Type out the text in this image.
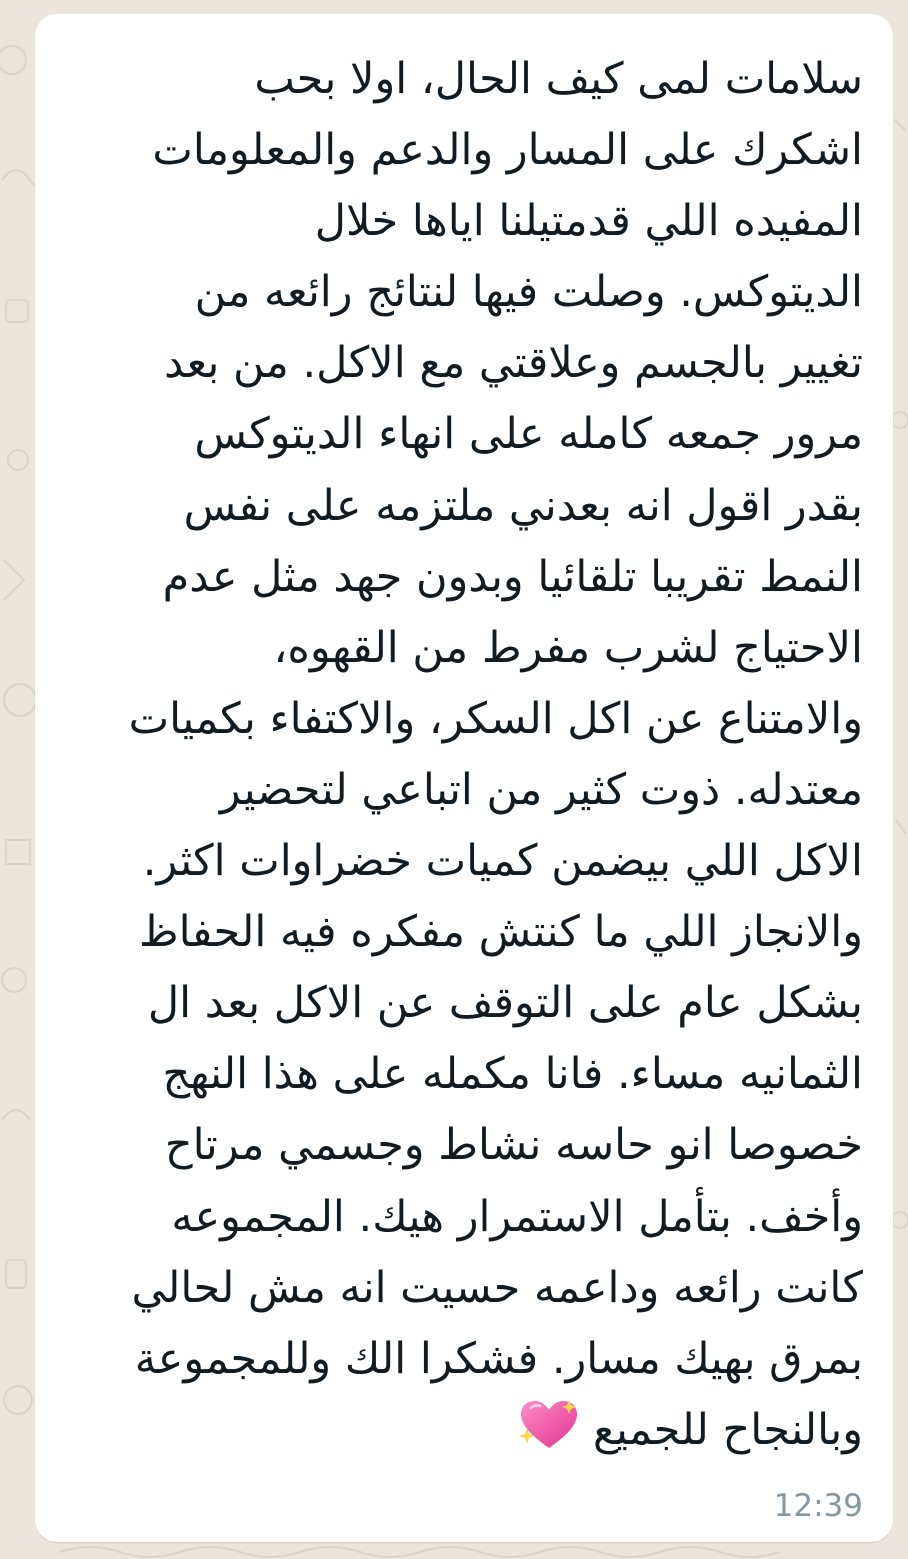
سلامات لمى كيف الحال، اولا بحب
اشكرك على المسار والدعم والمعلومات
المفيده اللي قدمتيلنا اياها خلال
الديتوكس. وصلت فيها لنتائج رائعه من
تغيير بالجسم وعلاقتي مع الاكل. من بعد
مرور جمعه كامله على انهاء الديتوكس
بقدر اقول انه بعدني ملتزمه على نفس
النمط تقريبا تلقائيا وبدون جهد مثل عدم
الاحتياج لشرب مفرط من القهوه،
والامتناع عن اكل السكر، والاكتفاء بكميات
معتدله. ذوت كثير من اتباعي لتحضير
الاكل اللي بيضمن كميات خضراوات اكثر.
والانجاز اللي ما كنتش مفكره فيه الحفاظ
بشكل عام على التوقف عن الاكل بعد ال
الثمانيه مساء. فانا مكمله على هذا النهج
خصوصا انو حاسه نشاط وجسمي مرتاح
وأخف. بتأمل الاستمرار هيك. المجموعه
كانت رائعه وداعمه حسيت انه مش لحالي
بمرق بهيك مسار. فشكرا الك وللمجموعة
وبالنجاح للجميع

12:39
